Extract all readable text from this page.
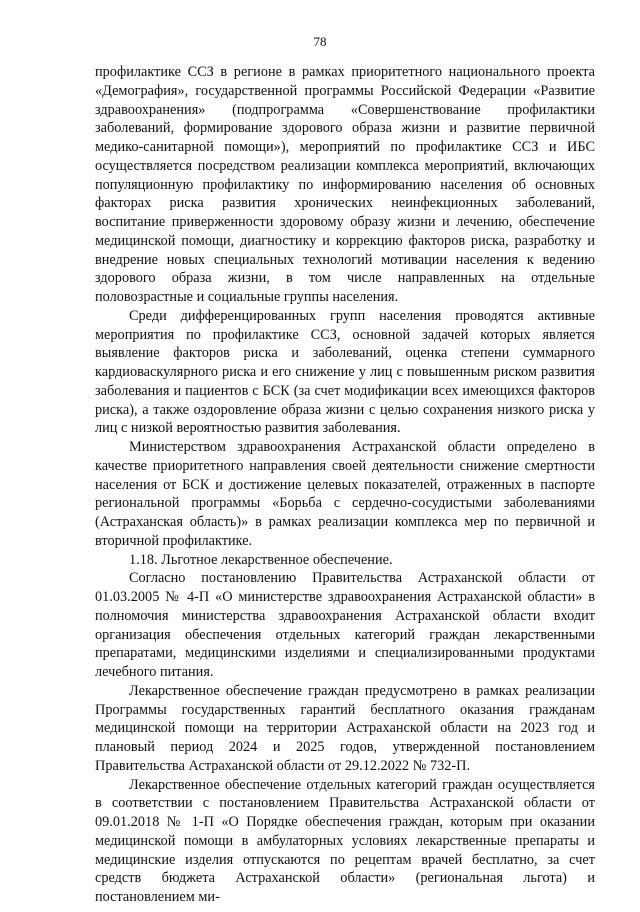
78

профилактике ССЗ в регионе в рамках приоритетного национального проекта «Демография», государственной программы Российской Федерации «Развитие здравоохранения» (подпрограмма «Совершенствование профилактики заболеваний, формирование здорового образа жизни и развитие первичной медико-санитарной помощи»), мероприятий по профилактике ССЗ и ИБС осуществляется посредством реализации комплекса мероприятий, включающих популяционную профилактику по информированию населения об основных факторах риска развития хронических неинфекционных заболеваний, воспитание приверженности здоровому образу жизни и лечению, обеспечение медицинской помощи, диагностику и коррекцию факторов риска, разработку и внедрение новых специальных технологий мотивации населения к ведению здорового образа жизни, в том числе направленных на отдельные половозрастные и социальные группы населения.

Среди дифференцированных групп населения проводятся активные мероприятия по профилактике ССЗ, основной задачей которых является выявление факторов риска и заболеваний, оценка степени суммарного кардиоваскулярного риска и его снижение у лиц с повышенным риском развития заболевания и пациентов с БСК (за счет модификации всех имеющихся факторов риска), а также оздоровление образа жизни с целью сохранения низкого риска у лиц с низкой вероятностью развития заболевания.

Министерством здравоохранения Астраханской области определено в качестве приоритетного направления своей деятельности снижение смертности населения от БСК и достижение целевых показателей, отраженных в паспорте региональной программы «Борьба с сердечно-сосудистыми заболеваниями (Астраханская область)» в рамках реализации комплекса мер по первичной и вторичной профилактике.

1.18. Льготное лекарственное обеспечение.

Согласно постановлению Правительства Астраханской области от 01.03.2005 № 4-П «О министерстве здравоохранения Астраханской области» в полномочия министерства здравоохранения Астраханской области входит организация обеспечения отдельных категорий граждан лекарственными препаратами, медицинскими изделиями и специализированными продуктами лечебного питания.

Лекарственное обеспечение граждан предусмотрено в рамках реализации Программы государственных гарантий бесплатного оказания гражданам медицинской помощи на территории Астраханской области на 2023 год и плановый период 2024 и 2025 годов, утвержденной постановлением Правительства Астраханской области от 29.12.2022 № 732-П.

Лекарственное обеспечение отдельных категорий граждан осуществляется в соответствии с постановлением Правительства Астраханской области от 09.01.2018 № 1-П «О Порядке обеспечения граждан, которым при оказании медицинской помощи в амбулаторных условиях лекарственные препараты и медицинские изделия отпускаются по рецептам врачей бесплатно, за счет средств бюджета Астраханской области» (региональная льгота) и постановлением ми-
